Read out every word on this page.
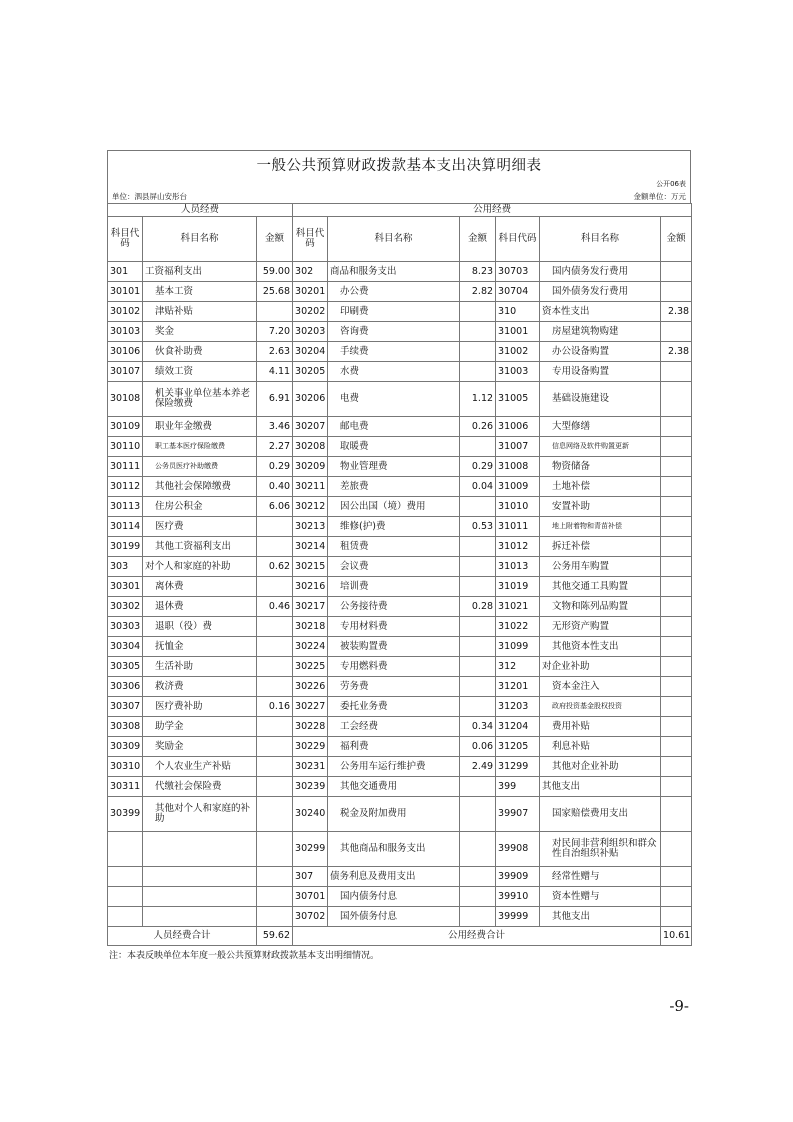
一般公共预算财政拨款基本支出决算明细表
公开06表
单位：泗县屏山安彤台	金额单位：万元
人员经费			公用经费					
科目代码	科目名称	金额	科目代码	科目名称	金额	科目代码	科目名称	金额
301	工资福利支出	59.00	302	商品和服务支出	8.23	30703	国内债务发行费用	
30101	基本工资	25.68	30201	办公费	2.82	30704	国外债务发行费用	
30102	津贴补贴		30202	印刷费		310	资本性支出	2.38
30103	奖金	7.20	30203	咨询费		31001	房屋建筑物购建	
30106	伙食补助费	2.63	30204	手续费		31002	办公设备购置	2.38
30107	绩效工资	4.11	30205	水费		31003	专用设备购置	
30108	机关事业单位基本养老保险缴费	6.91	30206	电费	1.12	31005	基础设施建设	
30109	职业年金缴费	3.46	30207	邮电费	0.26	31006	大型修缮	
30110	职工基本医疗保险缴费	2.27	30208	取暖费		31007	信息网络及软件购置更新	
30111	公务员医疗补助缴费	0.29	30209	物业管理费	0.29	31008	物资储备	
30112	其他社会保障缴费	0.40	30211	差旅费	0.04	31009	土地补偿	
30113	住房公积金	6.06	30212	因公出国（境）费用		31010	安置补助	
30114	医疗费		30213	维修(护)费	0.53	31011	地上附着物和青苗补偿	
30199	其他工资福利支出		30214	租赁费		31012	拆迁补偿	
303	对个人和家庭的补助	0.62	30215	会议费		31013	公务用车购置	
30301	离休费		30216	培训费		31019	其他交通工具购置	
30302	退休费	0.46	30217	公务接待费	0.28	31021	文物和陈列品购置	
30303	退职（役）费		30218	专用材料费		31022	无形资产购置	
30304	抚恤金		30224	被装购置费		31099	其他资本性支出	
30305	生活补助		30225	专用燃料费		312	对企业补助	
30306	救济费		30226	劳务费		31201	资本金注入	
30307	医疗费补助	0.16	30227	委托业务费		31203	政府投资基金股权投资	
30308	助学金		30228	工会经费	0.34	31204	费用补贴	
30309	奖励金		30229	福利费	0.06	31205	利息补贴	
30310	个人农业生产补贴		30231	公务用车运行维护费	2.49	31299	其他对企业补助	
30311	代缴社会保险费		30239	其他交通费用		399	其他支出	
30399	其他对个人和家庭的补助		30240	税金及附加费用		39907	国家赔偿费用支出	
			30299	其他商品和服务支出		39908	对民间非营利组织和群众性自治组织补贴	
			307	债务利息及费用支出		39909	经常性赠与	
			30701	国内债务付息		39910	资本性赠与	
			30702	国外债务付息		39999	其他支出	
人员经费合计		59.62	公用经费合计					10.61
注：本表反映单位本年度一般公共预算财政拨款基本支出明细情况。
-9-
